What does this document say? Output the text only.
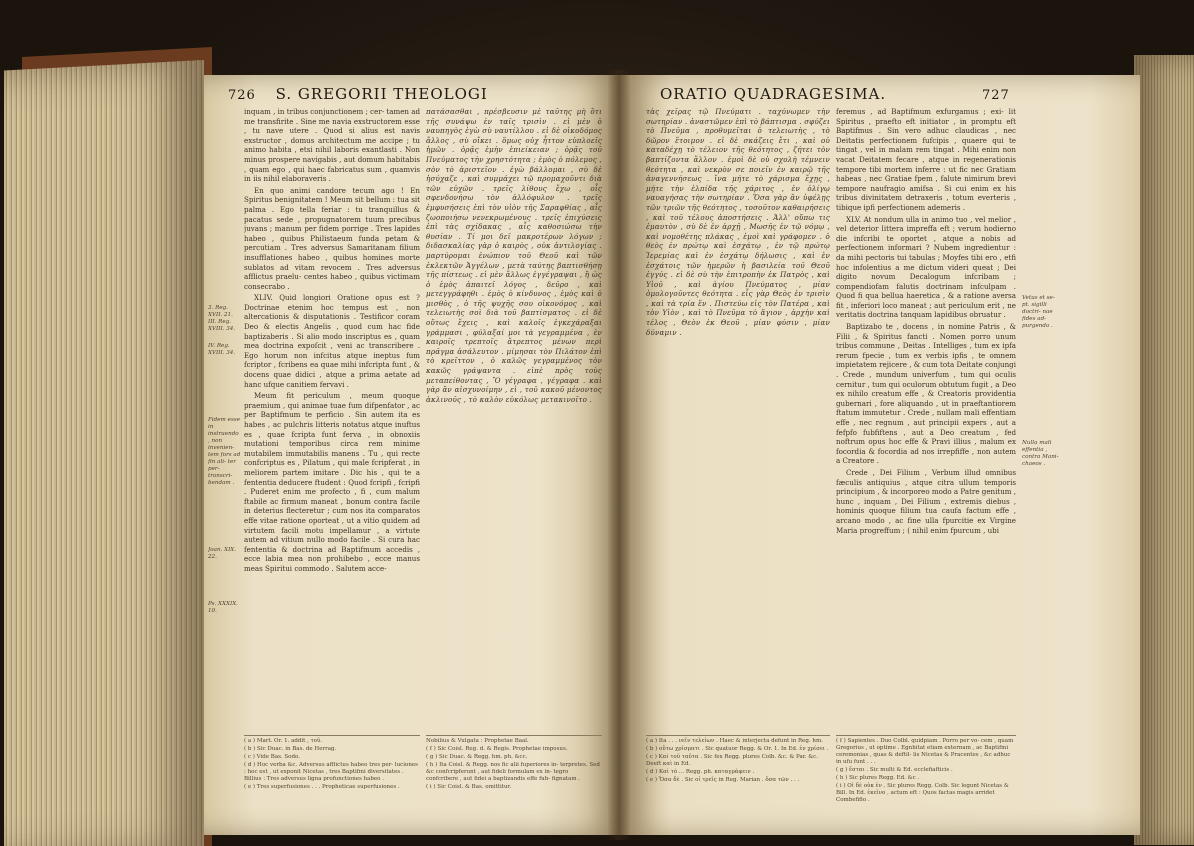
726 S. GREGORII THEOLOGI
3. Reg. XVII. 21. III. Reg. XVIII. 34.
IV. Reg. XVIII. 34.
Fidem esse in instruendo , non invenien- tem fors ad fin ali- ter per- transcri- bendam .
Joan. XIX. 22.
Ps. XXXIX. 10.

inquam , in tribus conjunctionem ; cer- tamen ad me transfirite . Sine me navia exstructorem esse , tu nave utere . Quod si alius est navis exstructor , domus architectum me accipe ; tu animo habita , etsi nihil laboris exantlasti . Non minus prospere navigabis , aut domum habitabis , quam ego , qui haec fabricatus sum , quamvis in iis nihil elaboraveris .

En quo animi candore tecum ago ! En Spiritus benignitatem ! Meum sit bellum : tua sit palma . Ego tella feriar : tu tranquillus & pacatus sede , propugnatorem tuum precibus juvans ; manum per fidem porrige . Tres lapides habeo , quibus Philistaeum funda petam & percutiam . Tres adversus Samaritanam filium insufflationes habeo , quibus homines morte sublatos ad vitam revocem . Tres adversus afflictus praelu- centes habeo , quibus victimam consecrabo .

XLIV. Quid longiori Oratione opus est ? Doctrinae etenim hoc tempus est , non altercationis & disputationis . Testificor coram Deo & electis Angelis , quod cum hac fide baptizaberis . Si alio modo inscriptus es , quam mea doctrina expoſcit , veni ac transcribere . Ego horum non infcitus atque ineptus fum fcriptor , fcribens ea quae mihi infcripta funt , & docens quae didici , atque a prima aetate ad hanc ufque canitiem fervavi .

Meum fit periculum , meum quoque praemium , qui animae tuae fum difpenfator , ac per Baptifmum te perficio . Sin autem ita es habes , ac pulchris litteris notatus atque inuftus es , quae fcripta funt ferva , in obnoxiis mutationi temporibus circa rem minime mutabilem immutabilis manens . Tu , qui recte confcriptus es , Pilatum , qui male fcripferat , in meliorem partem imitare . Dic his , qui te a fententia deducere ftudent : Quod fcripfi , fcripfi . Puderet enim me profecto , fi , cum malum ftabile ac firmum maneat , bonum contra facile in deterius flecteretur ; cum nos ita comparatos effe vitae ratione oporteat , ut a vitio quidem ad virtutem facili motu impellamur , a virtute autem ad vitium nullo modo facile . Si cura hac fententia & doctrina ad Baptifmum accedis , ecce labia mea non prohibebo , ecce manus meas Spiritui commodo . Salutem acce-

πατάσασθαι , πρέσβευσιν μὲ ταῦτης μὴ ὅτι τῆς συνάψω ἐν ταῖς τρισὶν . εἰ μὲν ὁ ναυπηγὸς ἐγὼ σὺ ναυτίλλου . εἰ δὲ οἰκοδόμος ἄλλος , σὺ οἴκει . ὅμως οὐχ ἧττον εὐπλοεῖς ἡμῶν . ὁρᾷς ἐμὴν ἐπιείκειαν ; ὁρᾷς τοῦ Πνεύματος τὴν χρηστότητα ; ἐμὸς ὁ πόλεμος , σὸν τὸ ἀριστεῖον . ἐγὼ βάλλομαι , σὺ δὲ ἡσύχαζε , καὶ συμμάχει τῷ προμαχοῦντι διὰ τῶν εὐχῶν . τρεῖς λίθους ἔχω , οἷς σφενδονήσω τὸν ἀλλόφυλον . τρεῖς ἐμφυσήσεις ἐπὶ τὸν υἱὸν τῆς Σαραφθίας , αἷς ζωοποιήσω νενεκρωμένους . τρεῖς ἐπιχύσεις ἐπὶ τὰς σχίδακας , αἷς καθοσιώσω τὴν θυσίαν . Τί μοι δεῖ μακροτέρων λόγων ; διδασκαλίας γὰρ ὁ καιρὸς , οὐκ ἀντιλογίας . μαρτύρομαι ἐνώπιον τοῦ Θεοῦ καὶ τῶν ἐκλεκτῶν Ἀγγέλων , μετὰ ταύτης βαπτισθήσῃ τῆς πίστεως . εἰ μὲν ἄλλως ἐγγέγραψαι , ἢ ὡς ὁ ἐμὸς ἀπαιτεῖ λόγος , δεῦρο , καὶ μετεγγράφηθι . ἐμὸς ὁ κίνδυνος , ἐμὸς καὶ ὁ μισθὸς , ὁ τῆς ψυχῆς σου οἰκονόμος , καὶ τελειωτὴς σοὶ διὰ τοῦ βαπτίσματος . εἰ δὲ οὕτως ἔχεις , καὶ καλοῖς ἐγκεχάραξαι γράμμασι , φύλαξαί μοι τὰ γεγραμμένα , ἐν καιροῖς τρεπτοῖς ἄτρεπτος μένων περὶ πρᾶγμα ἀσάλευτον . μίμησαι τὸν Πιλάτον ἐπὶ τὸ κρεῖττον , ὁ καλῶς γεγραμμένος τὸν κακῶς γράψαντα . εἰπὲ πρὸς τοὺς μεταπείθοντας , Ὃ γέγραφα , γέγραφα . καὶ γὰρ ἂν αἰσχυνοίμην , εἰ , τοῦ κακοῦ μένοντος ἀκλινοῦς , τὸ καλὸν εὐκόλως μετακινοῖτο .

( a ) Mart. Or. 1. addit , τοῦ.
( b ) Sic Duac. in Bas. de Herrag.
( c ) Vide Bas. Sodo.
( d ) Hoc verba &c. Adversus afflictus habeo tres per- luciones : hoc est , ut exponit Nicetas , tres Baptifmi diversitates . Billius : Tres adversus ligna profunctiones habeo .
( e ) Tres superfusiones . . . Propheticae superfusiones .
Nobilius & Vulgata : Prophetae Baal.
( f ) Sic Coisl. Reg. d. & Regis. Prophetae imposus.
( g ) Sic Duac. & Regg. hm. ph. &cc.
( h ) Ita Coisl. & Regg. nos fic alii fuperiores in- terpretes. Sed &c confcripferunt , aut fideli formulam ex in- tegro confcribere , aut fidei a baptizandis effe fub- fignatam .
( i ) Sic Coisl. & Bas. omittitur.
ORATIO QUADRAGESIMA.	727

τὰς χεῖρας τῷ Πνεύματι . ταχύνωμεν τὴν σωτηρίαν . ἀναστῶμεν ἐπὶ τὸ βάπτισμα . σφύζει τὸ Πνεῦμα , προθυμεῖται ὁ τελειωτὴς , τὸ δῶρον ἕτοιμον . εἰ δὲ σκάζεις ἔτι , καὶ οὐ καταδέχῃ τὸ τέλειον τῆς θεότητος , ζήτει τὸν βαπτίζοντα ἄλλον . ἐμοὶ δὲ οὐ σχολὴ τέμνειν θεότητα , καὶ νεκρὸν σε ποιεῖν ἐν καιρῷ τῆς ἀναγεννήσεως . ἵνα μήτε τὸ χάρισμα ἔχῃς , μήτε τὴν ἐλπίδα τῆς χάριτος , ἐν ὀλίγῳ ναυαγήσας τὴν σωτηρίαν . Ὅσα γὰρ ἂν ὑφέλῃς τῶν τριῶν τῆς θεότητος , τοσοῦτον καθαιρήσεις , καὶ τοῦ τέλους ἀποστήσεις . Ἀλλ' οὔπω τις ἐμαυτὸν , σὺ δὲ ἐν ἀρχῇ , Μωσῆς ἐν τῷ νόμῳ , καὶ νομοθέτης πλάκας , ἐμοὶ καὶ γράφομεν . ὁ θεὸς ἐν πρώτῳ καὶ ἐσχάτῳ , ἐν τῷ πρώτῳ Ἱερεμίας καὶ ἐν ἐσχάτῳ δήλωσις , καὶ ἐν ἐσχάτοις τῶν ἡμερῶν ἡ βασιλεία τοῦ Θεοῦ ἐγγύς . εἰ δὲ σὺ τὴν ἐπιτροπὴν ἐκ Πατρὸς , καὶ Υἱοῦ , καὶ ἁγίου Πνεύματος , μίαν ὁμολογοῦντες θεότητα . εἷς γὰρ Θεὸς ἐν τρισὶν , καὶ τὰ τρία ἕν . Πιστεύω εἰς τὸν Πατέρα , καὶ τὸν Υἱὸν , καὶ τὸ Πνεῦμα τὸ ἅγιον , ἀρχὴν καὶ τέλος , Θεὸν ἐκ Θεοῦ , μίαν φύσιν , μίαν δύναμιν .

feremus , ad Baptifmum exfurgamus ; exi- lit Spiritus , praefto eft initiator , in promptu eft Baptifmus . Sin vero adhuc claudicas , nec Deitatis perfectionem fufcipis , quaere qui te tingat , vel in malam rem tingat . Mihi enim non vacat Deitatem fecare , atque in regenerationis tempore tibi mortem inferre : ut fic nec Gratiam habeas , nec Gratiae fpem , falute nimirum brevi tempore naufragio amifsa . Si cui enim ex his tribus divinitatem detraxeris , totum everteris , tibique ipfi perfectionem ademeris .

XLV. At nondum ulla in animo tuo , vel melior , vel deterior littera impreffa eft ; verum hodierno die infcribi te oportet , atque a nobis ad perfectionem informari ? Nubem ingredientur : da mihi pectoris tui tabulas ; Moyfes tibi ero , etfi hoc infolentius a me dictum videri queat ; Dei digito novum Decalogum infcribam ; compendiofam falutis doctrinam infculpam . Quod fi qua bellua haeretica , & a ratione aversa fit , inferiori loco maneat ; aut periculum erit , ne veritatis doctrina tanquam lapidibus obruatur .

Baptizabo te , docens , in nomine Patris , & Filii , & Spiritus fancti . Nomen porro unum tribus commune , Deitas . Intelliges , tum ex ipfa rerum fpecie , tum ex verbis ipfis , te omnem impietatem rejicere , & cum tota Deitate conjungi . Crede , mundum univerfum , tum qui oculis cernitur , tum qui oculorum obtutum fugit , a Deo ex nihilo creatum effe , & Creatoris providentia gubernari , fore aliquando , ut in praeftantiorem ftatum immutetur . Crede , nullam mali effentiam effe , nec regnum , aut principii expers , aut a fefpfo fubfiftens , aut a Deo creatum , fed noftrum opus hoc effe & Pravi illius , malum ex focordia & focordia ad nos irrepfiffe , non autem a Creatore .

Crede , Dei Filium , Verbum illud omnibus fæculis antiquius , atque citra ullum temporis principium , & incorporeo modo a Patre genitum , hunc , inquam , Dei Filium , extremis diebus , hominis quoque filium tua caufa factum effe , arcano modo , ac fine ulla fpurcitie ex Virgine Maria progreffum ; ( nihil enim fpurcum , ubi

Vetus et se- pt. sigilli doctri- nae fides ad- purgenda .
Nulla mali effentia , contra Mani- chaeos .
( a ) Ita . . . νεῖν τελείων . Haec & interjecta defunt in Reg. hm.
( b ) οὕτω χρίσματι . Sic quatuor Regg. & Or. 1. In Ed. ἐν χρίσει .
( c ) Καὶ τοῦ ταῦτα . Sic fex Regg. plures Colb. &c. & Par. &c. Deeft καὶ in Ed.
( d ) Καὶ τὸ ... Regg. ph. καταγράφειν .
( e ) Ὅσα δὲ . Sic οἱ τρεῖς in Reg. Marian . ὅσα τῶν . . .
( f ) Sapientes . Duo Colbl. quidpiam . Porro per vo- cem , quam Gregorius , ut optime . Egnhitat etiam externam , ac Baptifmi ceremonias , quas & deftil- lis Nicetas & Pracentes , &c adhuc in ufu funt . . .
( g ) ἔσται . Sic multi & Ed. ecclefiafticis .
( h ) Sic plures Regg. Ed. &c .
( i ) Οἱ δὲ οὐκ ἐν . Sic plures Regg. Colb. Sic legunt Nicetas & Bill. In Ed. ἐκεῖνο , actum eft : Quos factas magis arridet Combefifio .
